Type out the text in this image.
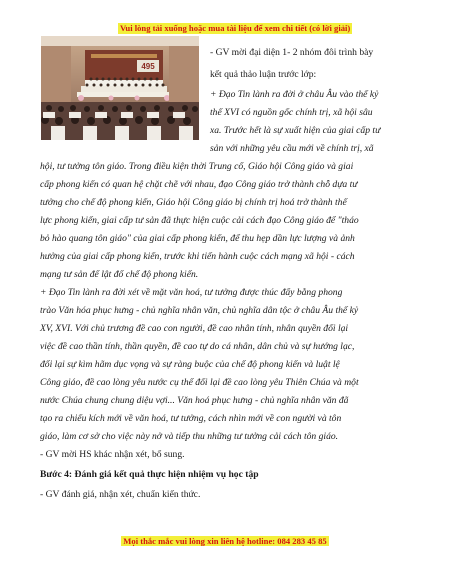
Vui lòng tải xuống hoặc mua tài liệu để xem chi tiết (có lời giải)
495
- GV mời đại diện 1- 2 nhóm đôi trình bày
kết quả thảo luận trước lớp:
+ Đạo Tin lành ra đời ở châu Âu vào thế kỷ
thế XVI có nguồn gốc chính trị, xã hội sâu
xa. Trước hết là sự xuất hiện của giai cấp tư
sản với những yêu cầu mới về chính trị, xã
hội, tư tưởng tôn giáo. Trong điều kiện thời Trung cổ, Giáo hội Công giáo và giai
cấp phong kiến có quan hệ chặt chẽ với nhau, đạo Công giáo trở thành chỗ dựa tư
tưởng cho chế độ phong kiến, Giáo hội Công giáo bị chính trị hoá trở thành thế
lực phong kiến, giai cấp tư sản đã thực hiện cuộc cải cách đạo Công giáo để "tháo
bỏ hào quang tôn giáo" của giai cấp phong kiến, để thu hẹp dần lực lượng và ảnh
hưởng của giai cấp phong kiến, trước khi tiến hành cuộc cách mạng xã hội - cách
mạng tư sản để lật đổ chế độ phong kiến.
+ Đạo Tin lành ra đời xét về mặt văn hoá, tư tưởng được thúc đẩy bằng phong
trào Văn hóa phục hưng - chủ nghĩa nhân văn, chủ nghĩa dân tộc ở châu Âu thế kỷ
XV, XVI. Với chủ trương đề cao con người, đề cao nhân tính, nhân quyền đối lại
việc đề cao thần tính, thần quyền, đề cao tự do cá nhân, dân chủ và sự hướng lạc,
đối lại sự kìm hãm dục vọng và sự ràng buộc của chế độ phong kiến và luật lệ
Công giáo, đề cao lòng yêu nước cụ thể đối lại đề cao lòng yêu Thiên Chúa và một
nước Chúa chung chung diệu vợi... Văn hoá phục hưng - chủ nghĩa nhân văn đã
tạo ra chiếu kích mới về văn hoá, tư tưởng, cách nhìn mới về con người và tôn
giáo, làm cơ sở cho việc này nở và tiếp thu những tư tưởng cải cách tôn giáo.
- GV mời HS khác nhận xét, bổ sung.
Bước 4: Đánh giá kết quả thực hiện nhiệm vụ học tập
- GV đánh giá, nhận xét, chuẩn kiến thức.
Mọi thắc mắc vui lòng xin liên hệ hotline: 084 283 45 85
